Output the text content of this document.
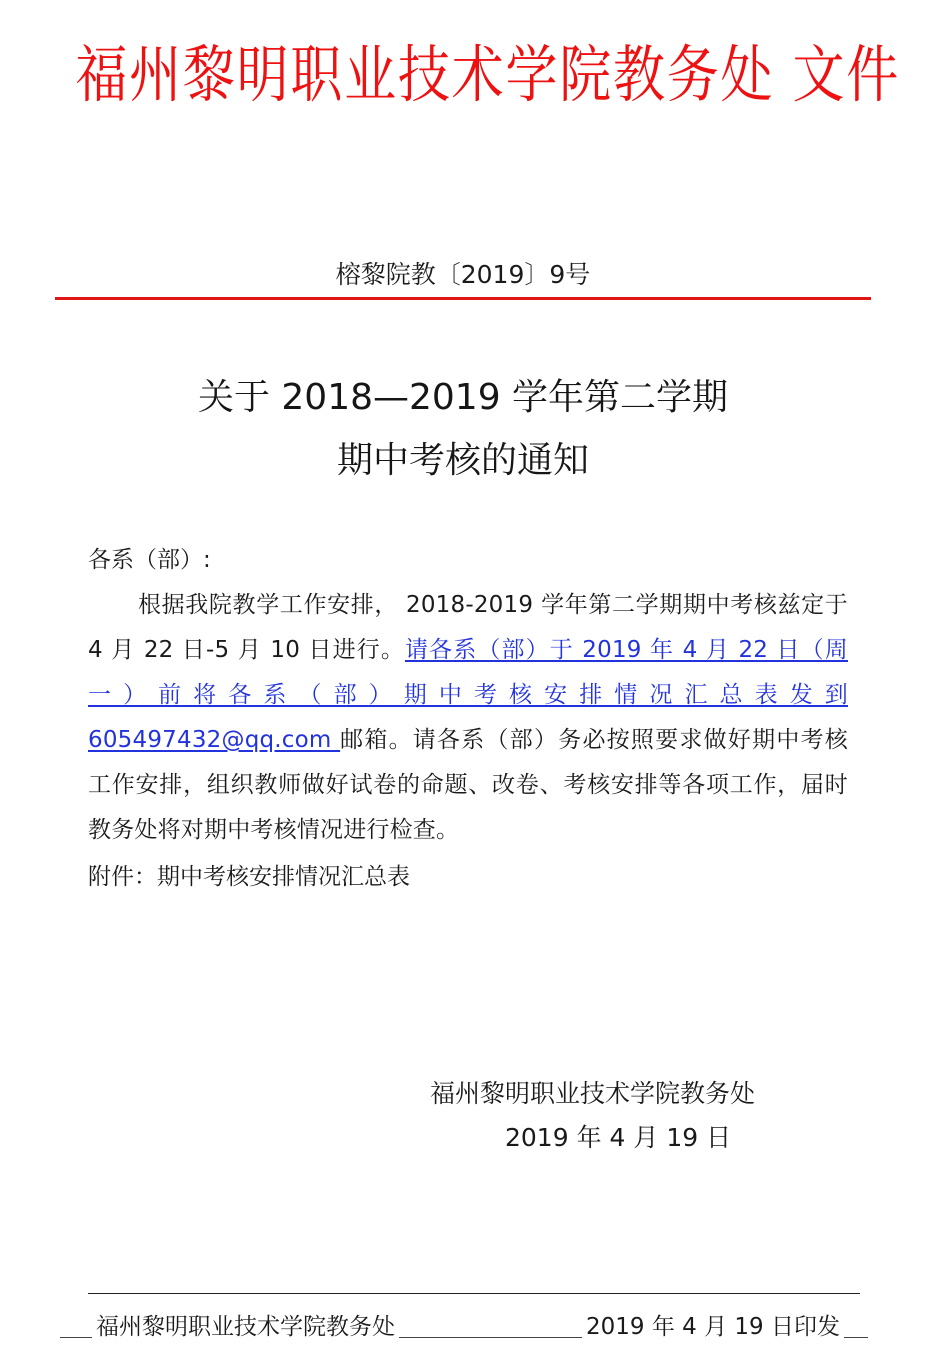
福州黎明职业技术学院教务处 文件
榕黎院教〔2019〕9号
关于 2018—2019 学年第二学期
期中考核的通知
各系（部）:
根据我院教学工作安排， 2018-2019 学年第二学期期中考核兹定于 4 月 22 日-5 月 10 日进行。请各系（部）于 2019 年 4 月 22 日（周一）前将各系（部）期中考核安排情况汇总表发到 605497432@qq.com 邮箱。请各系（部）务必按照要求做好期中考核工作安排，组织教师做好试卷的命题、改卷、考核安排等各项工作，届时教务处将对期中考核情况进行检查。
附件：期中考核安排情况汇总表
福州黎明职业技术学院教务处
2019 年 4 月 19 日
福州黎明职业技术学院教务处	2019 年 4 月 19 日印发
